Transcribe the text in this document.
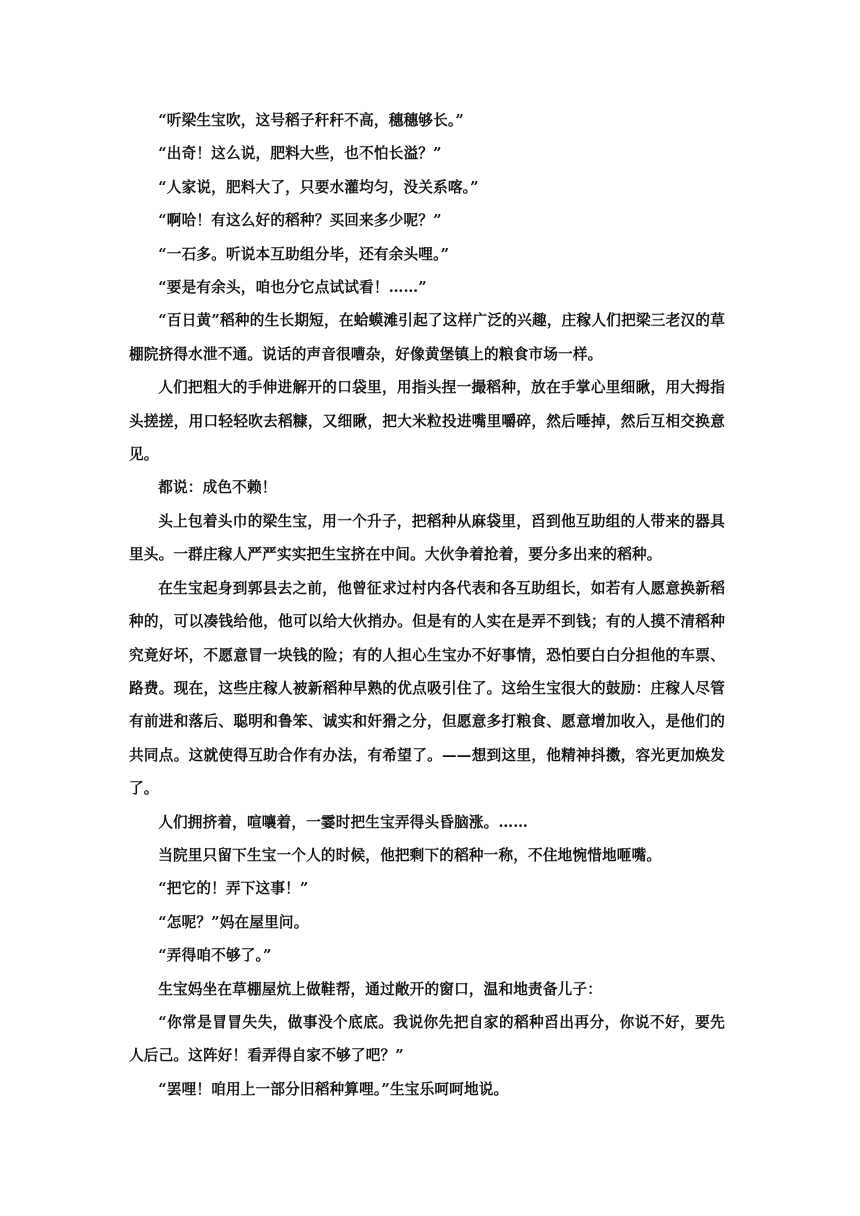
“听梁生宝吹，这号稻子秆秆不高，穗穗够长。”

“出奇！这么说，肥料大些，也不怕长溢？”

“人家说，肥料大了，只要水灌均匀，没关系喀。”

“啊哈！有这么好的稻种？买回来多少呢？”

“一石多。听说本互助组分毕，还有余头哩。”

“要是有余头，咱也分它点试试看！……”

“百日黄”稻种的生长期短，在蛤蟆滩引起了这样广泛的兴趣，庄稼人们把梁三老汉的草棚院挤得水泄不通。说话的声音很嘈杂，好像黄堡镇上的粮食市场一样。

人们把粗大的手伸进解开的口袋里，用指头捏一撮稻种，放在手掌心里细瞅，用大拇指头搓搓，用口轻轻吹去稻糠，又细瞅，把大米粒投进嘴里嚼碎，然后唾掉，然后互相交换意见。

都说：成色不赖！

头上包着头巾的梁生宝，用一个升子，把稻种从麻袋里，舀到他互助组的人带来的器具里头。一群庄稼人严严实实把生宝挤在中间。大伙争着抢着，要分多出来的稻种。

在生宝起身到郭县去之前，他曾征求过村内各代表和各互助组长，如若有人愿意换新稻种的，可以凑钱给他，他可以给大伙捎办。但是有的人实在是弄不到钱；有的人摸不清稻种究竟好坏，不愿意冒一块钱的险；有的人担心生宝办不好事情，恐怕要白白分担他的车票、路费。现在，这些庄稼人被新稻种早熟的优点吸引住了。这给生宝很大的鼓励：庄稼人尽管有前进和落后、聪明和鲁笨、诚实和奸猾之分，但愿意多打粮食、愿意增加收入，是他们的共同点。这就使得互助合作有办法，有希望了。——想到这里，他精神抖擞，容光更加焕发了。

人们拥挤着，喧嚷着，一霎时把生宝弄得头昏脑涨。……

当院里只留下生宝一个人的时候，他把剩下的稻种一称，不住地惋惜地咂嘴。

“把它的！弄下这事！”

“怎呢？”妈在屋里问。

“弄得咱不够了。”

生宝妈坐在草棚屋炕上做鞋帮，通过敞开的窗口，温和地责备儿子：

“你常是冒冒失失，做事没个底底。我说你先把自家的稻种舀出再分，你说不好，要先人后己。这阵好！看弄得自家不够了吧？”

“罢哩！咱用上一部分旧稻种算哩。”生宝乐呵呵地说。
